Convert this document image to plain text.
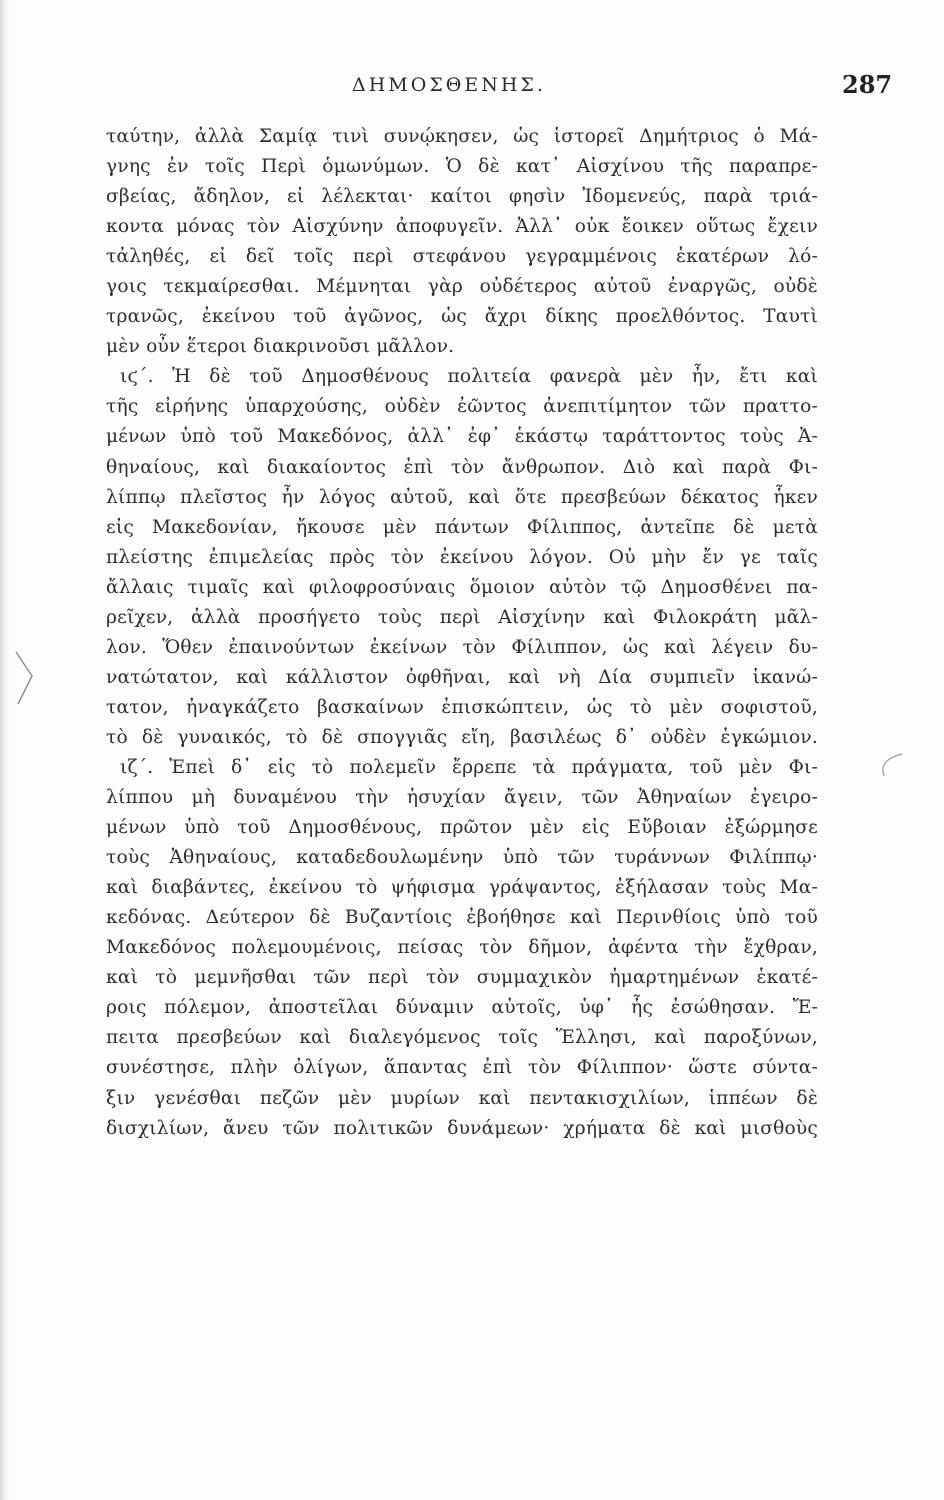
ΔΗΜΟΣΘΕΝΗΣ.	287
ταύτην, ἀλλὰ Σαμίᾳ τινὶ συνῴκησεν, ὡς ἱστορεῖ Δημήτριος ὁ Μά-
γνης ἐν τοῖς Περὶ ὁμωνύμων. Ὁ δὲ κατ᾽ Αἰσχίνου τῆς παραπρε-
σβείας, ἄδηλον, εἰ λέλεκται· καίτοι φησὶν Ἰδομενεύς, παρὰ τριά-
κοντα μόνας τὸν Αἰσχύνην ἀποφυγεῖν. Ἀλλ᾽ οὐκ ἔοικεν οὕτως ἔχειν
τἀληθές, εἰ δεῖ τοῖς περὶ στεφάνου γεγραμμένοις ἑκατέρων λό-
γοις τεκμαίρεσθαι. Μέμνηται γὰρ οὐδέτερος αὐτοῦ ἐναργῶς, οὐδὲ
τρανῶς, ἐκείνου τοῦ ἀγῶνος, ὡς ἄχρι δίκης προελθόντος. Ταυτὶ
μὲν οὖν ἕτεροι διακρινοῦσι μᾶλλον.
ιϛ΄. Ἡ δὲ τοῦ Δημοσθένους πολιτεία φανερὰ μὲν ἦν, ἔτι καὶ
τῆς εἰρήνης ὑπαρχούσης, οὐδὲν ἐῶντος ἀνεπιτίμητον τῶν πραττο-
μένων ὑπὸ τοῦ Μακεδόνος, ἀλλ᾽ ἐφ᾽ ἑκάστῳ ταράττοντος τοὺς Ἀ-
θηναίους, καὶ διακαίοντος ἐπὶ τὸν ἄνθρωπον. Διὸ καὶ παρὰ Φι-
λίππῳ πλεῖστος ἦν λόγος αὐτοῦ, καὶ ὅτε πρεσβεύων δέκατος ἧκεν
εἰς Μακεδονίαν, ἤκουσε μὲν πάντων Φίλιππος, ἀντεῖπε δὲ μετὰ
πλείστης ἐπιμελείας πρὸς τὸν ἐκείνου λόγον. Οὐ μὴν ἔν γε ταῖς
ἄλλαις τιμαῖς καὶ φιλοφροσύναις ὅμοιον αὐτὸν τῷ Δημοσθένει πα-
ρεῖχεν, ἀλλὰ προσήγετο τοὺς περὶ Αἰσχίνην καὶ Φιλοκράτη μᾶλ-
λον. Ὅθεν ἐπαινούντων ἐκείνων τὸν Φίλιππον, ὡς καὶ λέγειν δυ-
νατώτατον, καὶ κάλλιστον ὀφθῆναι, καὶ νὴ Δία συμπιεῖν ἱκανώ-
τατον, ἠναγκάζετο βασκαίνων ἐπισκώπτειν, ὡς τὸ μὲν σοφιστοῦ,
τὸ δὲ γυναικός, τὸ δὲ σπογγιᾶς εἴη, βασιλέως δ᾽ οὐδὲν ἐγκώμιον.
ιζ΄. Ἐπεὶ δ᾽ εἰς τὸ πολεμεῖν ἔρρεπε τὰ πράγματα, τοῦ μὲν Φι-
λίππου μὴ δυναμένου τὴν ἡσυχίαν ἄγειν, τῶν Ἀθηναίων ἐγειρο-
μένων ὑπὸ τοῦ Δημοσθένους, πρῶτον μὲν εἰς Εὔβοιαν ἐξώρμησε
τοὺς Ἀθηναίους, καταδεδουλωμένην ὑπὸ τῶν τυράννων Φιλίππῳ·
καὶ διαβάντες, ἐκείνου τὸ ψήφισμα γράψαντος, ἐξήλασαν τοὺς Μα-
κεδόνας. Δεύτερον δὲ Βυζαντίοις ἐβοήθησε καὶ Περινθίοις ὑπὸ τοῦ
Μακεδόνος πολεμουμένοις, πείσας τὸν δῆμον, ἀφέντα τὴν ἔχθραν,
καὶ τὸ μεμνῆσθαι τῶν περὶ τὸν συμμαχικὸν ἡμαρτημένων ἑκατέ-
ροις πόλεμον, ἀποστεῖλαι δύναμιν αὐτοῖς, ὑφ᾽ ἧς ἐσώθησαν. Ἔ-
πειτα πρεσβεύων καὶ διαλεγόμενος τοῖς Ἕλλησι, καὶ παροξύνων,
συνέστησε, πλὴν ὀλίγων, ἅπαντας ἐπὶ τὸν Φίλιππον· ὥστε σύντα-
ξιν γενέσθαι πεζῶν μὲν μυρίων καὶ πεντακισχιλίων, ἱππέων δὲ
δισχιλίων, ἄνευ τῶν πολιτικῶν δυνάμεων· χρήματα δὲ καὶ μισθοὺς
